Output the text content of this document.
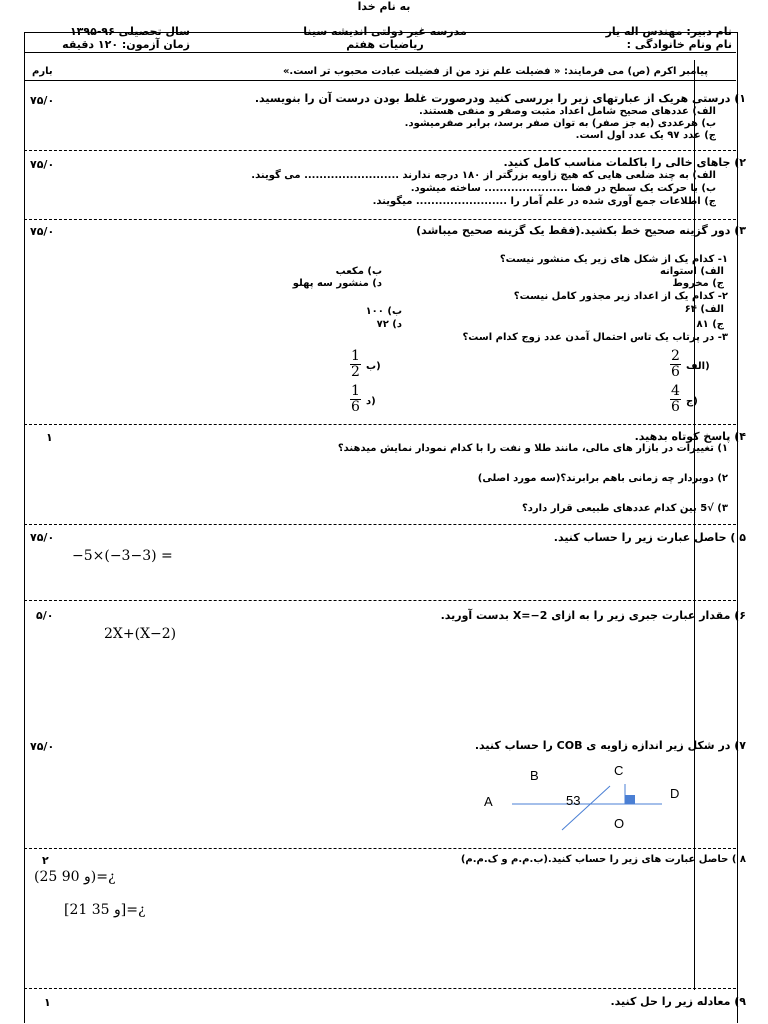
به نام خدا
نام دبیر: مهندس اله یار
نام ونام خانوادگی :
مدرسه غیر دولتی اندیشه سینا
ریاضیات هفتم
سال تحصیلی ۹۶-۱۳۹۵
زمان آزمون: ۱۲۰ دقیقه
بارم	پیامبر اکرم (ص) می فرمایند: « فضیلت علم نزد من از فضیلت عبادت محبوب تر است.»
۷۵/۰	۱) درستی هریک از عبارتهای زیر را بررسی کنید ودرصورت غلط بودن درست آن را بنویسید.
الف) عددهای صحیح شامل اعداد مثبت وصفر و منفی هستند.
ب) هرعددی (به جز صفر) به توان صفر برسد، برابر صفرمیشود.
ج) عدد ۹۷ یک عدد اول است.
۷۵/۰	۲) جاهای خالی را باکلمات مناسب کامل کنید.
الف) به چند ضلعی هایی که هیچ زاویه بزرگتر از ۱۸۰ درجه ندارند ......................... می گویند.
ب) با حرکت یک سطح در فضا ...................... ساخته میشود.
ج) اطلاعات جمع آوری شده در علم آمار را ........................ میگویند.
۷۵/۰	۳) دور گزینه صحیح خط بکشید.(فقط یک گزینه صحیح میباشد)
۱- کدام یک از شکل های زیر یک منشور نیست؟
الف) استوانه
ب) مکعب
ج) مخروط
د) منشور سه پهلو
۲- کدام یک از اعداد زیر مجذور کامل نیست؟
الف) ۶۴
ب) ۱۰۰
ج) ۸۱
د) ۷۲
۳- در پرتاب یک تاس احتمال آمدن عدد زوج کدام است؟
$\frac{2}{6}$ الف)
$\frac{1}{2}$ ب)
$\frac{4}{6}$ ج)
$\frac{1}{6}$ د)
۱	۴) پاسخ کوتاه بدهید.
۱) تغییرات در بازار های مالی، مانند طلا و نفت را با کدام نمودار نمایش میدهند؟
۲) دوبردار چه زمانی باهم برابرند؟(سه مورد اصلی)
۳) √5 بین کدام عددهای طبیعی قرار دارد؟
۷۵/۰	۵ ) حاصل عبارت زیر را حساب کنید.
−5×(−3−3) =
۵/۰	۶) مقدار عبارت جبری زیر را به ازای X=−2 بدست آورید.
2X+(X−2)
۷۵/۰	۷) در شکل زیر اندازه زاویه ی COB را حساب کنید.
A
B	C
D
O
53
۲	۸ ) حاصل عبارت های زیر را حساب کنید.(ب.م.م و ک.م.م)
(25 90 و)=¿
[21 35 و]=¿
۱	۹) معادله زیر را حل کنید.
